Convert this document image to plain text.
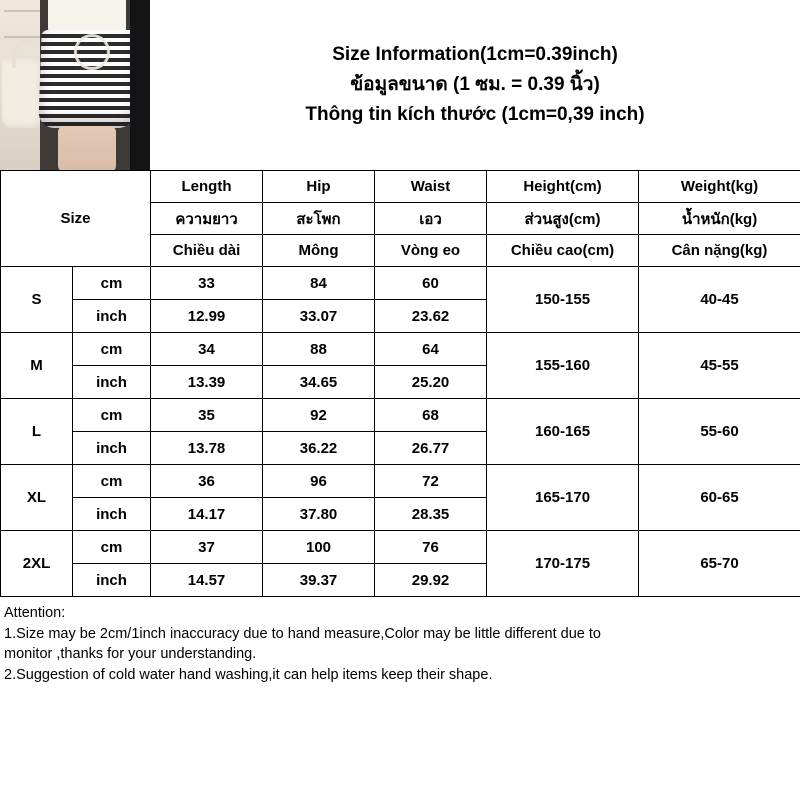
Size Information(1cm=0.39inch)
ข้อมูลขนาด (1 ซม. = 0.39 นิ้ว)
Thông tin kích thước (1cm=0,39 inch)
Size		Length	Hip	Waist	Height(cm)	Weight(kg)
		ความยาว	สะโพก	เอว	ส่วนสูง(cm)	น้ำหนัก(kg)
		Chiều dài	Mông	Vòng eo	Chiều cao(cm)	Cân nặng(kg)
S	cm	33	84	60	150-155	40-45
	inch	12.99	33.07	23.62		
M	cm	34	88	64	155-160	45-55
	inch	13.39	34.65	25.20		
L	cm	35	92	68	160-165	55-60
	inch	13.78	36.22	26.77		
XL	cm	36	96	72	165-170	60-65
	inch	14.17	37.80	28.35		
2XL	cm	37	100	76	170-175	65-70
	inch	14.57	39.37	29.92		
Attention:
1.Size may be 2cm/1inch inaccuracy due to hand measure,Color may be little different due to
monitor ,thanks for your understanding.
2.Suggestion of cold water hand washing,it can help items keep their shape.
